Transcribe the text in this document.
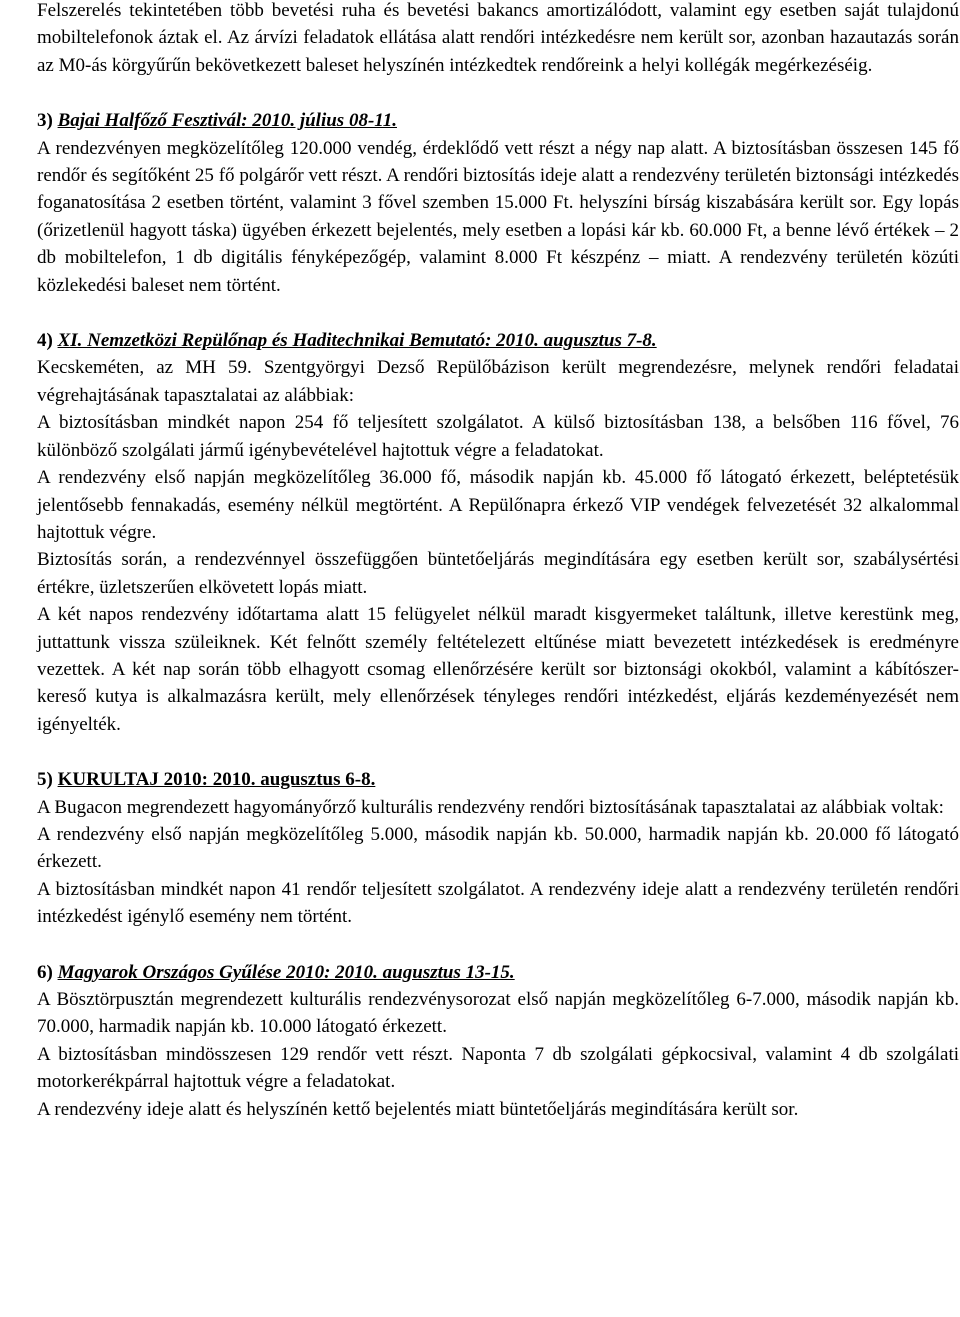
Felszerelés tekintetében több bevetési ruha és bevetési bakancs amortizálódott, valamint egy esetben saját tulajdonú mobiltelefonok áztak el. Az árvízi feladatok ellátása alatt rendőri intézkedésre nem került sor, azonban hazautazás során az M0-ás körgyűrűn bekövetkezett baleset helyszínén intézkedtek rendőreink a helyi kollégák megérkezéséig.

3) Bajai Halfőző Fesztivál: 2010. július 08-11.

A rendezvényen megközelítőleg 120.000 vendég, érdeklődő vett részt a négy nap alatt. A biztosításban összesen 145 fő rendőr és segítőként 25 fő polgárőr vett részt. A rendőri biztosítás ideje alatt a rendezvény területén biztonsági intézkedés foganatosítása 2 esetben történt, valamint 3 fővel szemben 15.000 Ft. helyszíni bírság kiszabására került sor. Egy lopás (őrizetlenül hagyott táska) ügyében érkezett bejelentés, mely esetben a lopási kár kb. 60.000 Ft, a benne lévő értékek – 2 db mobiltelefon, 1 db digitális fényképezőgép, valamint 8.000 Ft készpénz – miatt. A rendezvény területén közúti közlekedési baleset nem történt.

4) XI. Nemzetközi Repülőnap és Haditechnikai Bemutató: 2010. augusztus 7-8.

Kecskeméten, az MH 59. Szentgyörgyi Dezső Repülőbázison került megrendezésre, melynek rendőri feladatai végrehajtásának tapasztalatai az alábbiak:

A biztosításban mindkét napon 254 fő teljesített szolgálatot. A külső biztosításban 138, a belsőben 116 fővel, 76 különböző szolgálati jármű igénybevételével hajtottuk végre a feladatokat.

A rendezvény első napján megközelítőleg 36.000 fő, második napján kb. 45.000 fő látogató érkezett, beléptetésük jelentősebb fennakadás, esemény nélkül megtörtént. A Repülőnapra érkező VIP vendégek felvezetését 32 alkalommal hajtottuk végre.

Biztosítás során, a rendezvénnyel összefüggően büntetőeljárás megindítására egy esetben került sor, szabálysértési értékre, üzletszerűen elkövetett lopás miatt.

A két napos rendezvény időtartama alatt 15 felügyelet nélkül maradt kisgyermeket találtunk, illetve kerestünk meg, juttattunk vissza szüleiknek. Két felnőtt személy feltételezett eltűnése miatt bevezetett intézkedések is eredményre vezettek. A két nap során több elhagyott csomag ellenőrzésére került sor biztonsági okokból, valamint a kábítószer-kereső kutya is alkalmazásra került, mely ellenőrzések tényleges rendőri intézkedést, eljárás kezdeményezését nem igényelték.

5) KURULTAJ 2010: 2010. augusztus 6-8.

A Bugacon megrendezett hagyományőrző kulturális rendezvény rendőri biztosításának tapasztalatai az alábbiak voltak:

A rendezvény első napján megközelítőleg 5.000, második napján kb. 50.000, harmadik napján kb. 20.000 fő látogató érkezett.

A biztosításban mindkét napon 41 rendőr teljesített szolgálatot. A rendezvény ideje alatt a rendezvény területén rendőri intézkedést igénylő esemény nem történt.

6) Magyarok Országos Gyűlése 2010: 2010. augusztus 13-15.

A Bösztörpusztán megrendezett kulturális rendezvénysorozat első napján megközelítőleg 6-7.000, második napján kb. 70.000, harmadik napján kb. 10.000 látogató érkezett.

A biztosításban mindösszesen 129 rendőr vett részt. Naponta 7 db szolgálati gépkocsival, valamint 4 db szolgálati motorkerékpárral hajtottuk végre a feladatokat.

A rendezvény ideje alatt és helyszínén kettő bejelentés miatt büntetőeljárás megindítására került sor.
